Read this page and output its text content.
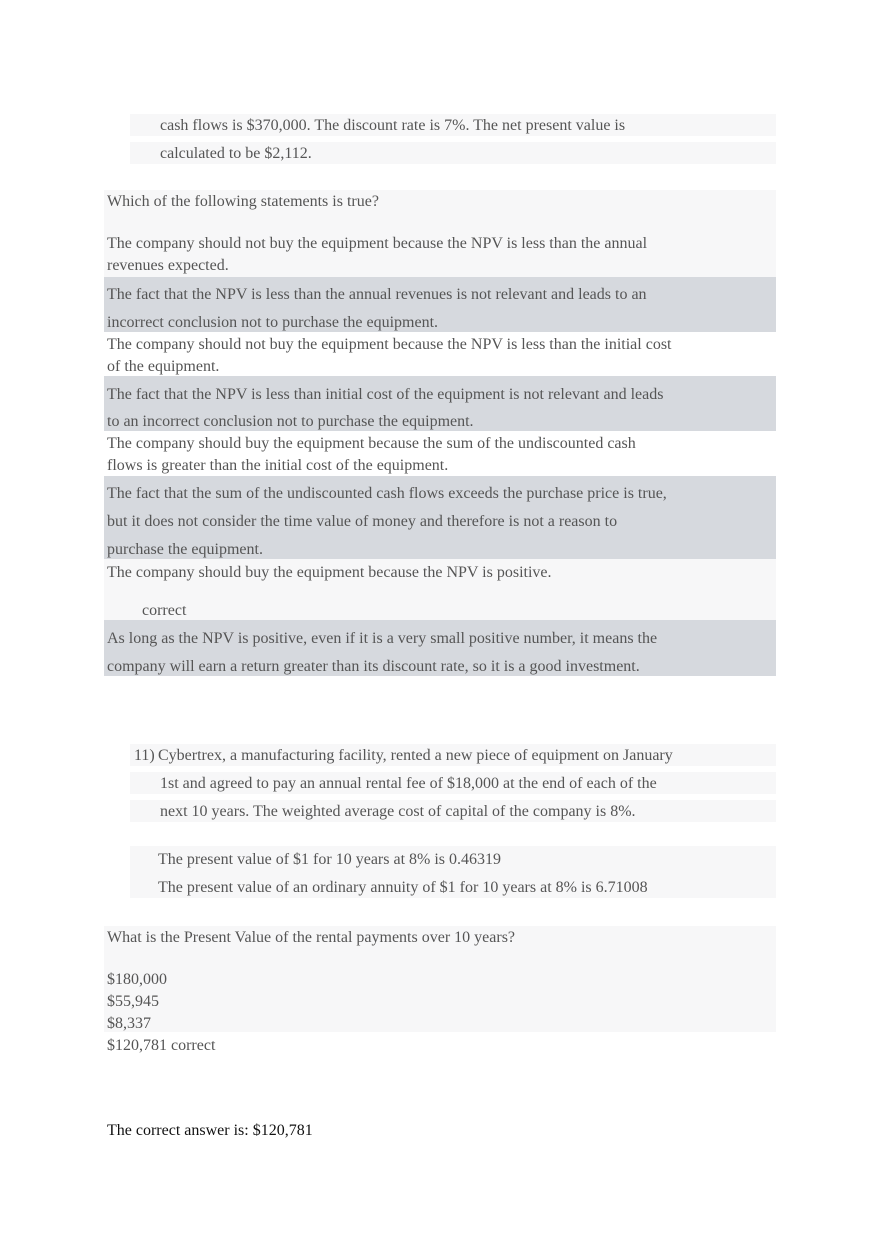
cash flows is $370,000. The discount rate is 7%. The net present value is
calculated to be $2,112.
Which of the following statements is true?
The company should not buy the equipment because the NPV is less than the annual
revenues expected.
The fact that the NPV is less than the annual revenues is not relevant and leads to an
incorrect conclusion not to purchase the equipment.
The company should not buy the equipment because the NPV is less than the initial cost
of the equipment.
The fact that the NPV is less than initial cost of the equipment is not relevant and leads
to an incorrect conclusion not to purchase the equipment.
The company should buy the equipment because the sum of the undiscounted cash
flows is greater than the initial cost of the equipment.
The fact that the sum of the undiscounted cash flows exceeds the purchase price is true,
but it does not consider the time value of money and therefore is not a reason to
purchase the equipment.
The company should buy the equipment because the NPV is positive.
correct
As long as the NPV is positive, even if it is a very small positive number, it means the
company will earn a return greater than its discount rate, so it is a good investment.
11) Cybertrex, a manufacturing facility, rented a new piece of equipment on January
1st and agreed to pay an annual rental fee of $18,000 at the end of each of the
next 10 years. The weighted average cost of capital of the company is 8%.
The present value of $1 for 10 years at 8% is 0.46319
The present value of an ordinary annuity of $1 for 10 years at 8% is 6.71008
What is the Present Value of the rental payments over 10 years?
$180,000
$55,945
$8,337
$120,781 correct
The correct answer is: $120,781
